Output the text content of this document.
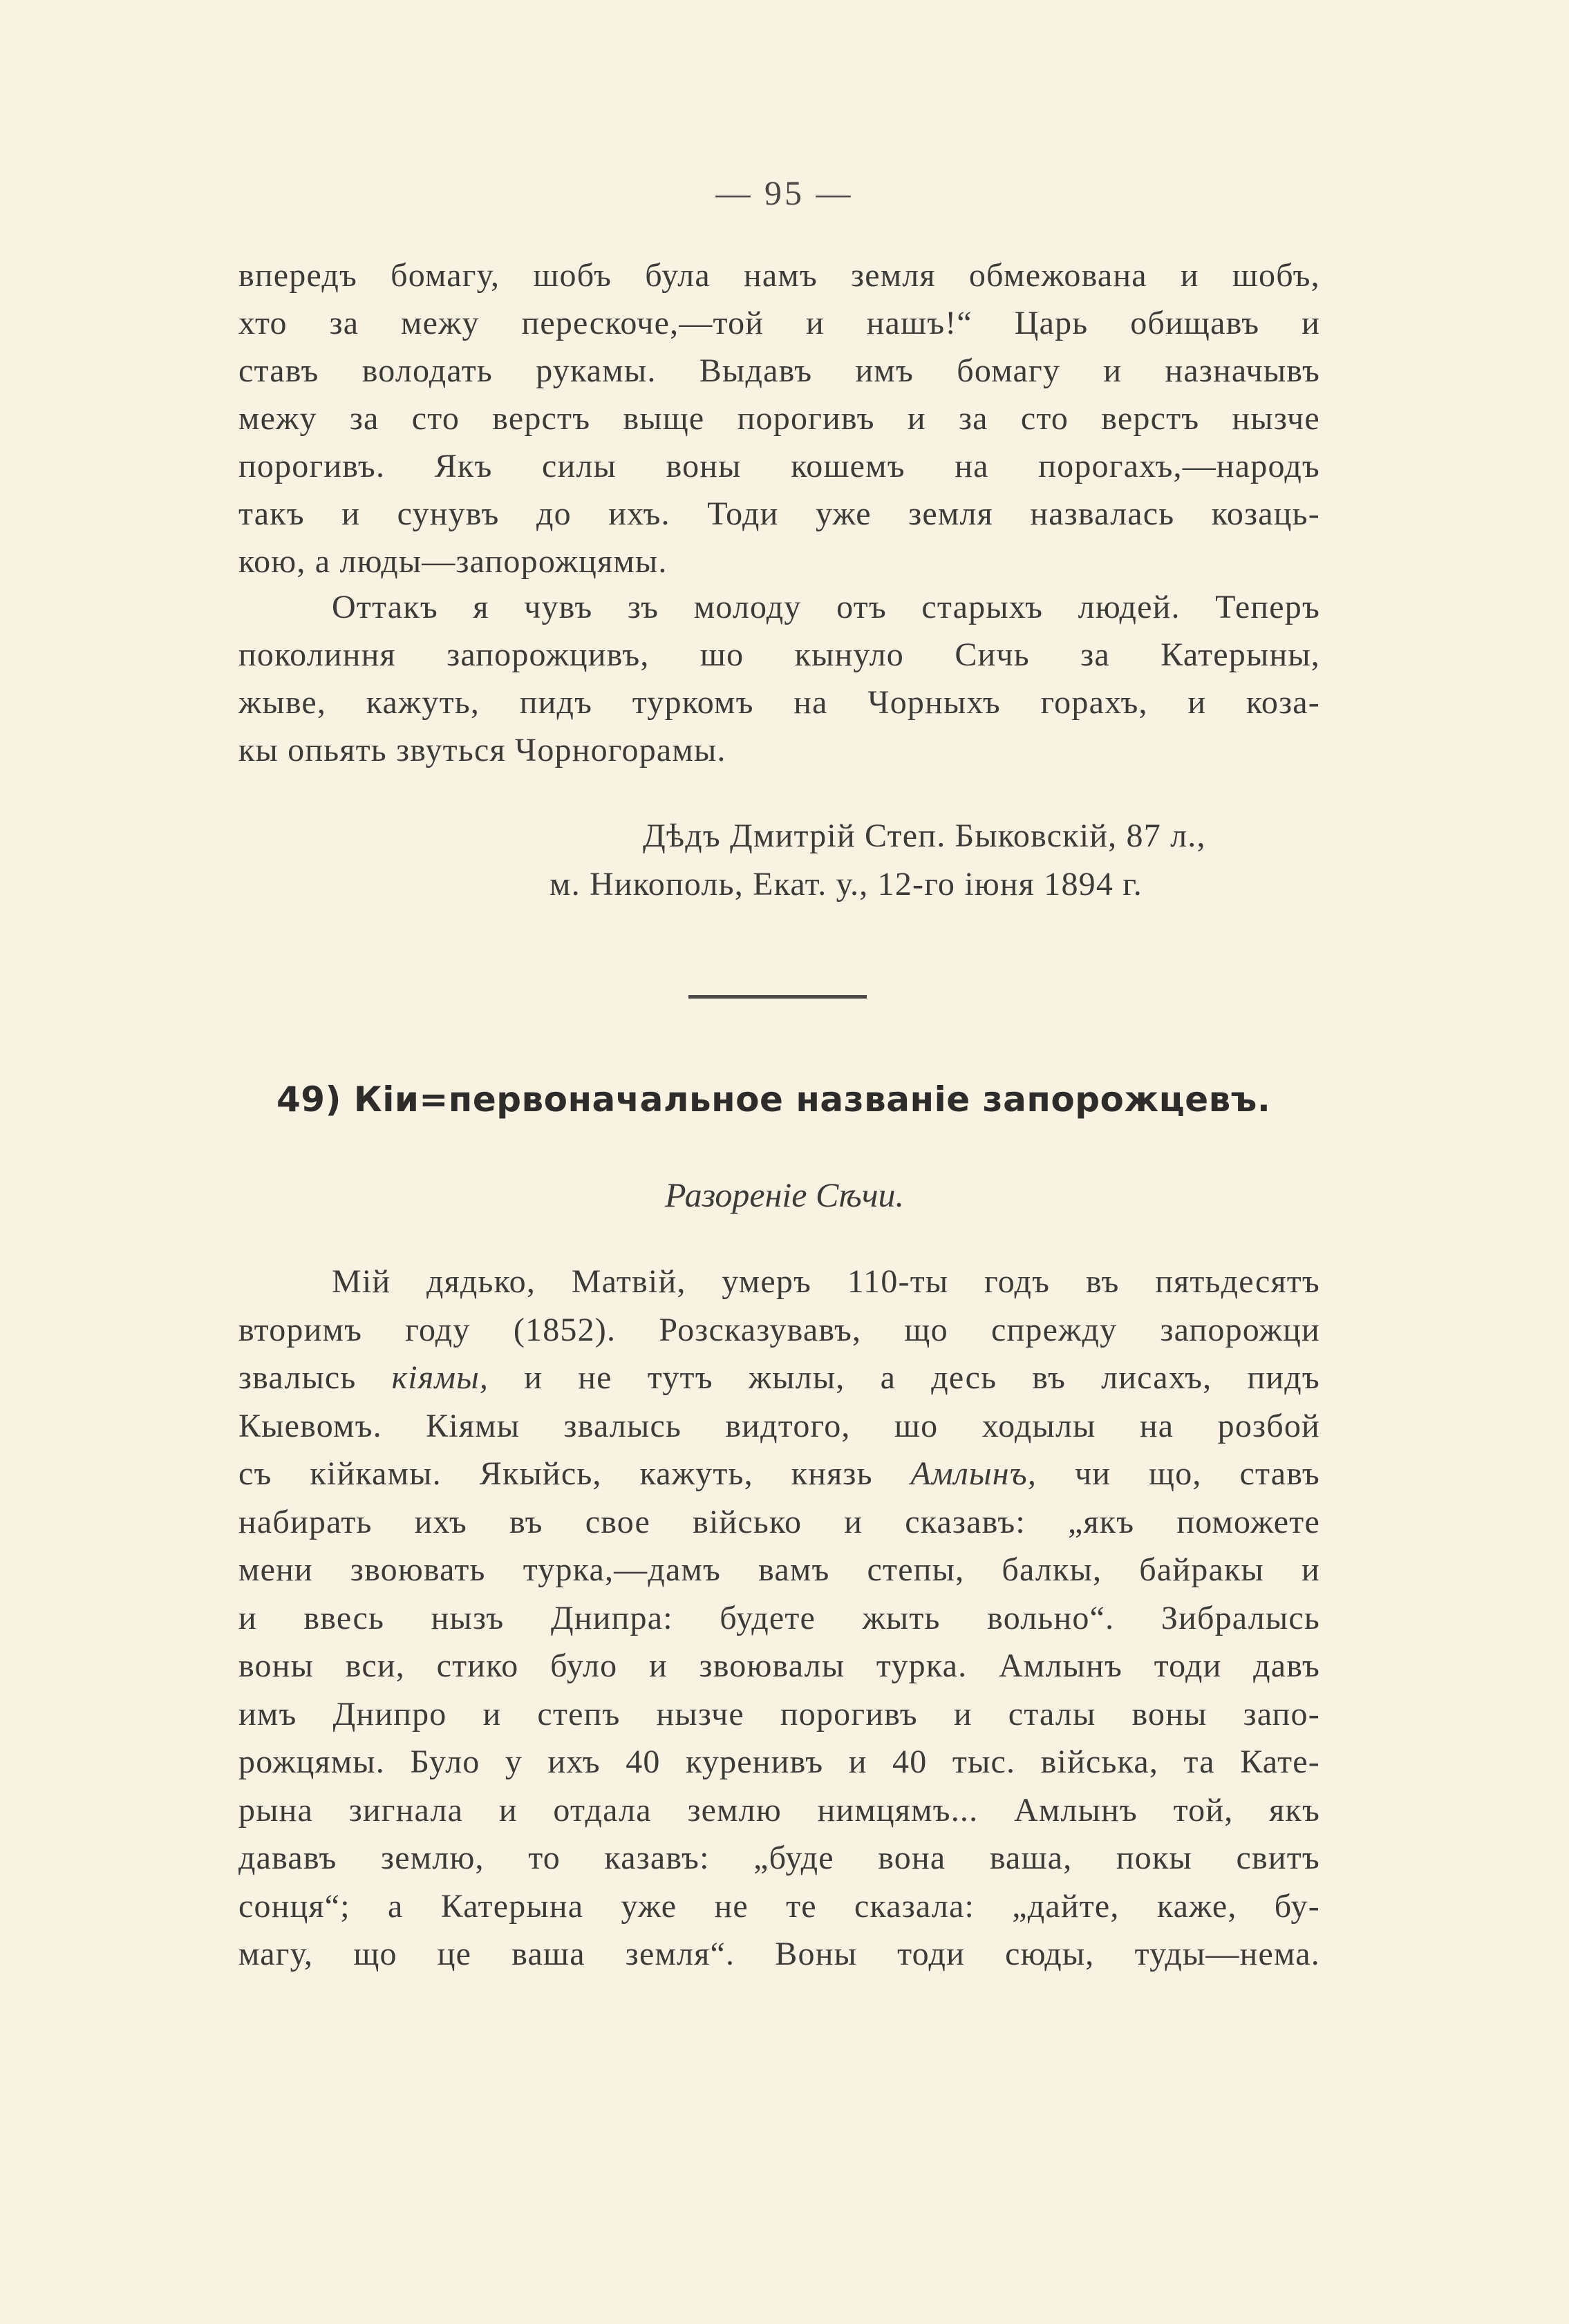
— 95 —
впередъ бомагу, шобъ була намъ земля обмежована и шобъ,
хто за межу перескоче,—той и нашъ!“ Царь обищавъ и
ставъ володать рукамы. Выдавъ имъ бомагу и назначывъ
межу за сто верстъ выще порогивъ и за сто верстъ нызче
порогивъ. Якъ силы воны кошемъ на порогахъ,—народъ
такъ и сунувъ до ихъ. Тоди уже земля назвалась козаць-
кою, а люды—запорожцямы.
Оттакъ я чувъ зъ молоду отъ старыхъ людей. Теперъ
поколиння запорожцивъ, шо кынуло Сичь за Катерыны,
жыве, кажуть, пидъ туркомъ на Чорныхъ горахъ, и коза-
кы опьять звуться Чорногорамы.
Дѣдъ Дмитрій Степ. Быковскій, 87 л.,
м. Никополь, Екат. у., 12-го іюня 1894 г.
49) Кіи=первоначальное названіе запорожцевъ.
Разореніе Сѣчи.
Мій дядько, Матвій, умеръ 110-ты годъ въ пятьдесятъ
вторимъ году (1852). Розсказувавъ, що спрежду запорожци
звалысь кіямы, и не тутъ жылы, а десь въ лисахъ, пидъ
Кыевомъ. Кіямы звалысь видтого, шо ходылы на розбой
съ кійкамы. Якыйсь, кажуть, князь Амлынъ, чи що, ставъ
набирать ихъ въ свое військо и сказавъ: „якъ поможете
мени звоювать турка,—дамъ вамъ степы, балкы, байракы и
и ввесь нызъ Днипра: будете жыть вольно“. Зибралысь
воны вси, стико було и звоювалы турка. Амлынъ тоди давъ
имъ Днипро и степъ нызче порогивъ и сталы воны запо-
рожцямы. Було у ихъ 40 куренивъ и 40 тыс. війська, та Кате-
рына зигнала и отдала землю нимцямъ... Амлынъ той, якъ
дававъ землю, то казавъ: „буде вона ваша, покы свитъ
сонця“; а Катерына уже не те сказала: „дайте, каже, бу-
магу, що це ваша земля“. Воны тоди сюды, туды—нема.
